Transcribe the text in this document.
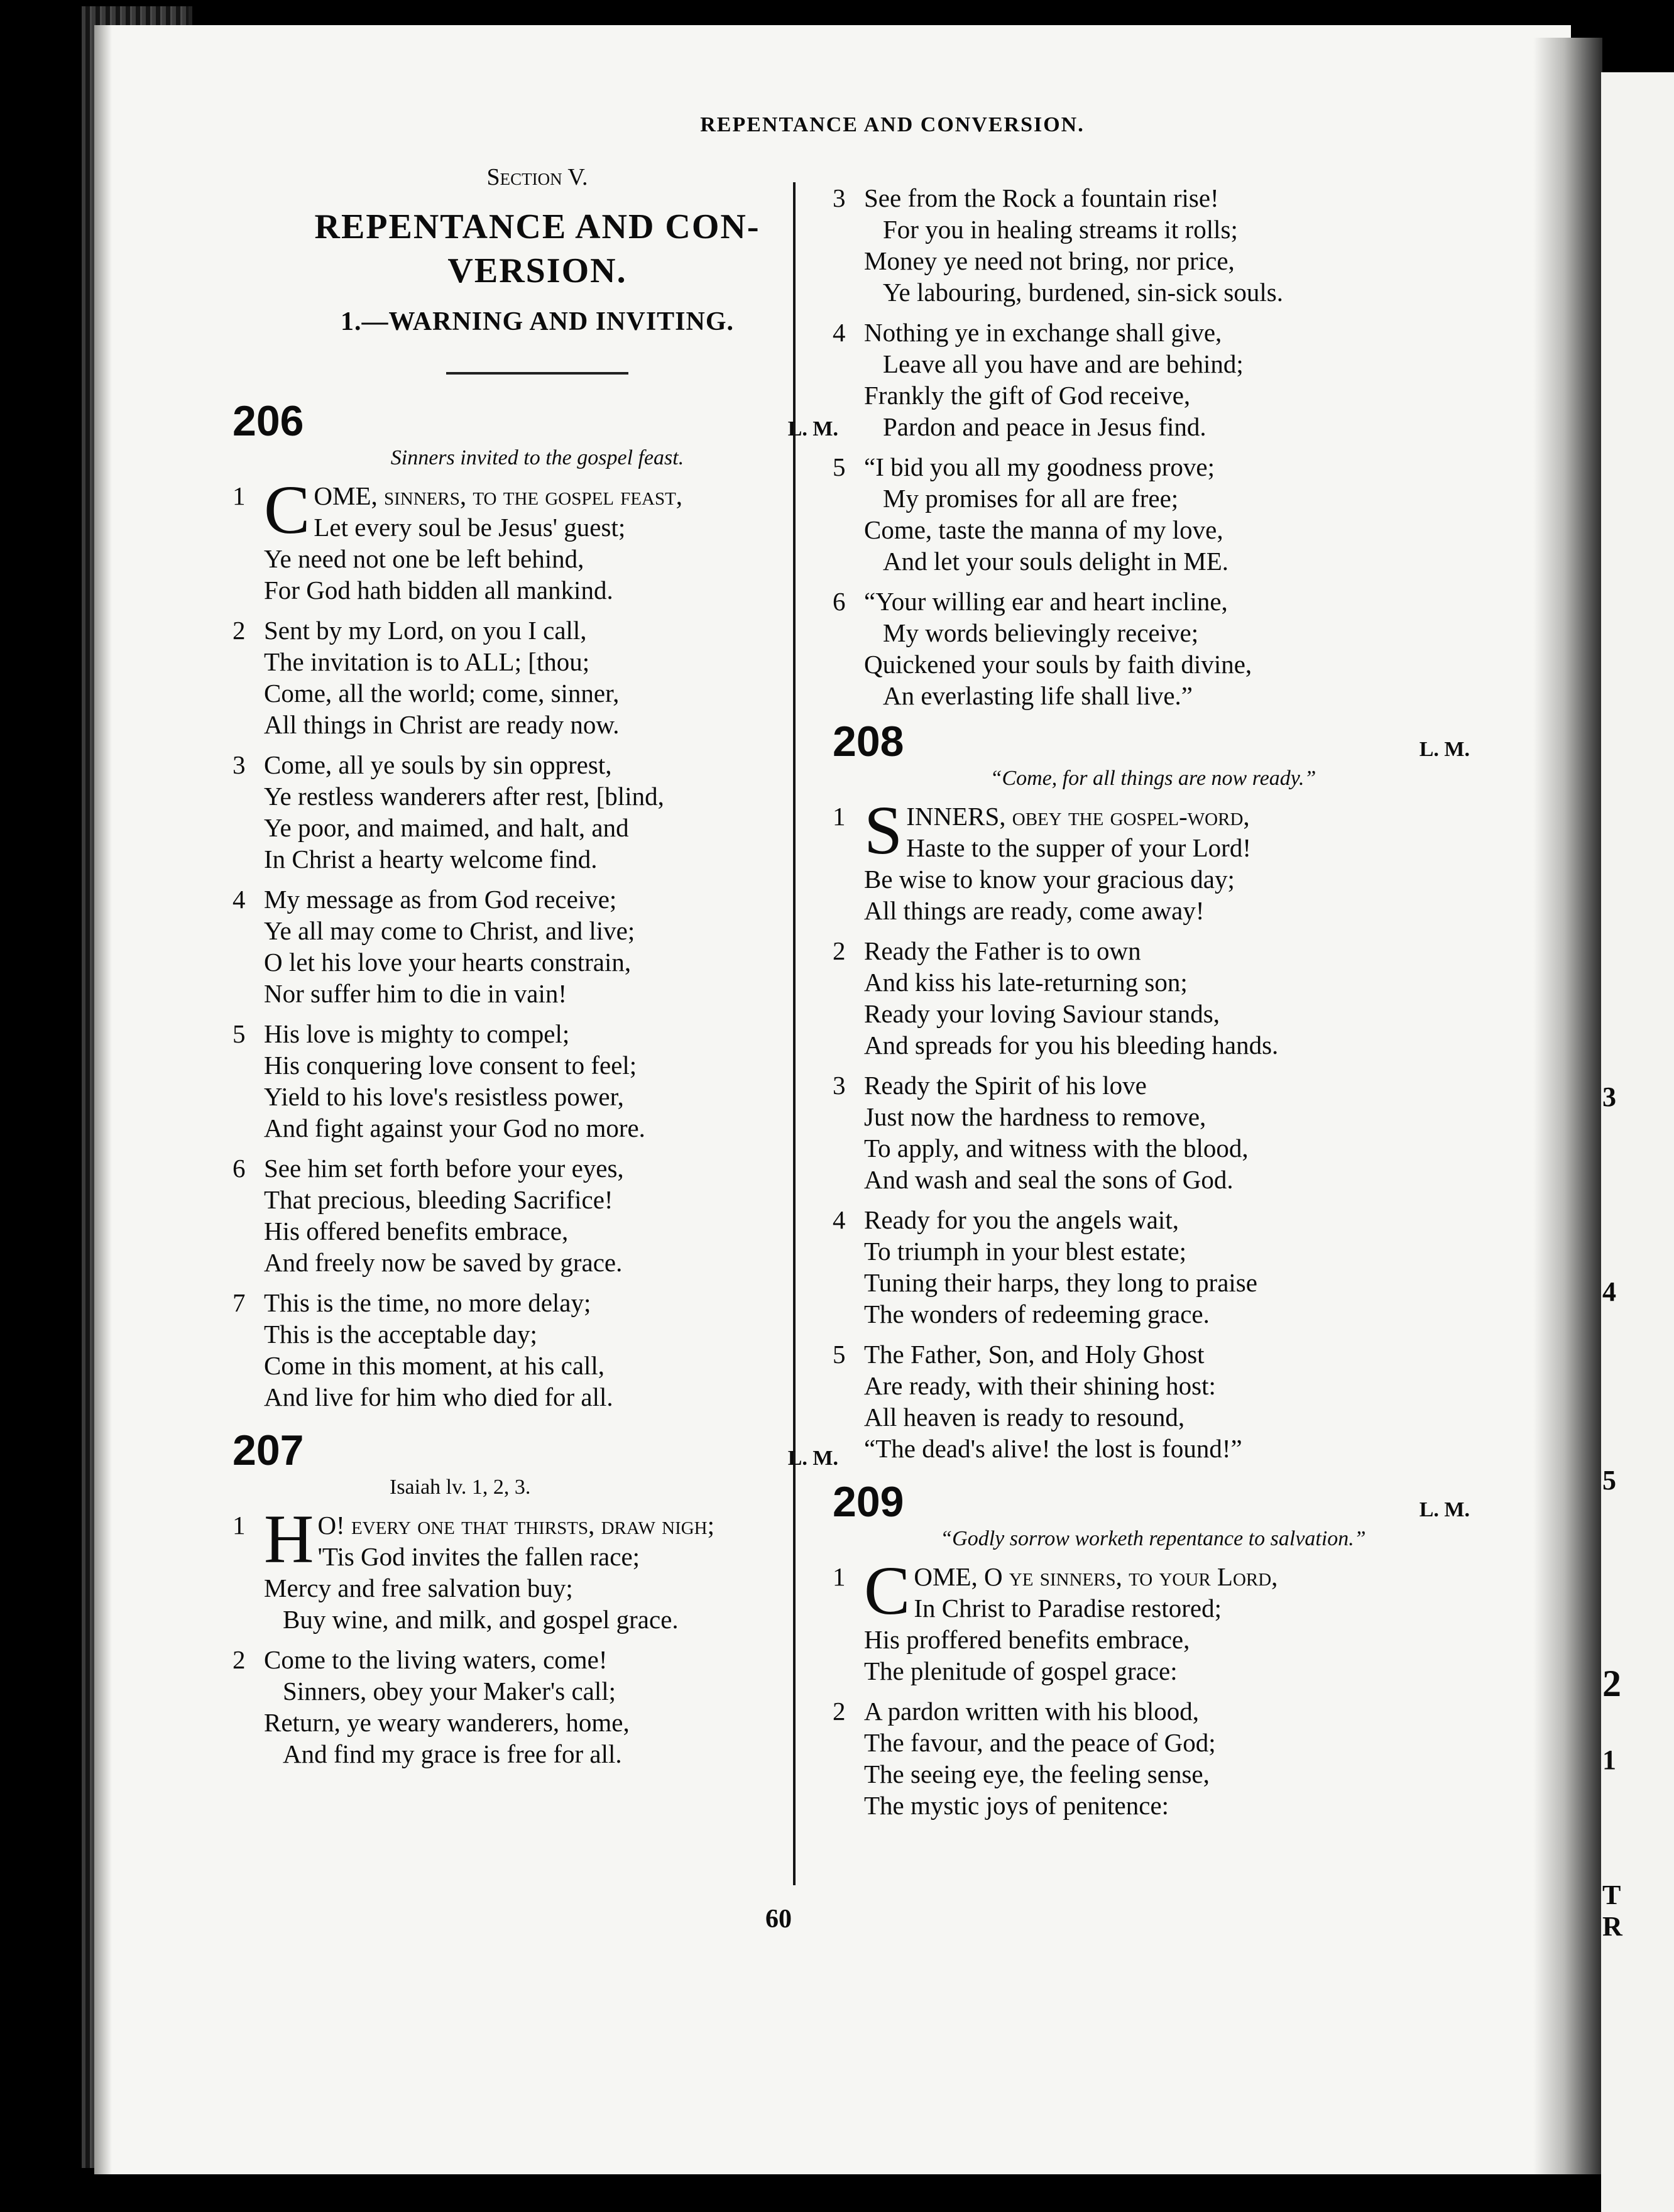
3
4
5
2
1
T
R
REPENTANCE AND CONVERSION.
Section V.
REPENTANCE AND CON-
VERSION.
1.—WARNING AND INVITING.
206	L. M.
Sinners invited to the gospel feast.
1 C OME, sinners, to the gospel feast,
Let every soul be Jesus' guest;
Ye need not one be left behind,
For God hath bidden all mankind.
2 Sent by my Lord, on you I call,
The invitation is to ALL; [thou;
Come, all the world; come, sinner,
All things in Christ are ready now.
3 Come, all ye souls by sin opprest,
Ye restless wanderers after rest, [blind,
Ye poor, and maimed, and halt, and
In Christ a hearty welcome find.
4 My message as from God receive;
Ye all may come to Christ, and live;
O let his love your hearts constrain,
Nor suffer him to die in vain!
5 His love is mighty to compel;
His conquering love consent to feel;
Yield to his love's resistless power,
And fight against your God no more.
6 See him set forth before your eyes,
That precious, bleeding Sacrifice!
His offered benefits embrace,
And freely now be saved by grace.
7 This is the time, no more delay;
This is the acceptable day;
Come in this moment, at his call,
And live for him who died for all.
207	L. M.
Isaiah lv. 1, 2, 3.
1 H O! every one that thirsts, draw nigh;
'Tis God invites the fallen race;
Mercy and free salvation buy;
Buy wine, and milk, and gospel grace.
2 Come to the living waters, come!
Sinners, obey your Maker's call;
Return, ye weary wanderers, home,
And find my grace is free for all.
3 See from the Rock a fountain rise!
For you in healing streams it rolls;
Money ye need not bring, nor price,
Ye labouring, burdened, sin-sick souls.
4 Nothing ye in exchange shall give,
Leave all you have and are behind;
Frankly the gift of God receive,
Pardon and peace in Jesus find.
5 “I bid you all my goodness prove;
My promises for all are free;
Come, taste the manna of my love,
And let your souls delight in ME.
6 “Your willing ear and heart incline,
My words believingly receive;
Quickened your souls by faith divine,
An everlasting life shall live.”
208	L. M.
“Come, for all things are now ready.”
1 S INNERS, obey the gospel-word,
Haste to the supper of your Lord!
Be wise to know your gracious day;
All things are ready, come away!
2 Ready the Father is to own
And kiss his late-returning son;
Ready your loving Saviour stands,
And spreads for you his bleeding hands.
3 Ready the Spirit of his love
Just now the hardness to remove,
To apply, and witness with the blood,
And wash and seal the sons of God.
4 Ready for you the angels wait,
To triumph in your blest estate;
Tuning their harps, they long to praise
The wonders of redeeming grace.
5 The Father, Son, and Holy Ghost
Are ready, with their shining host:
All heaven is ready to resound,
“The dead's alive! the lost is found!”
209	L. M.
“Godly sorrow worketh repentance to salvation.”
1 C OME, O ye sinners, to your Lord,
In Christ to Paradise restored;
His proffered benefits embrace,
The plenitude of gospel grace:
2 A pardon written with his blood,
The favour, and the peace of God;
The seeing eye, the feeling sense,
The mystic joys of penitence:
60
